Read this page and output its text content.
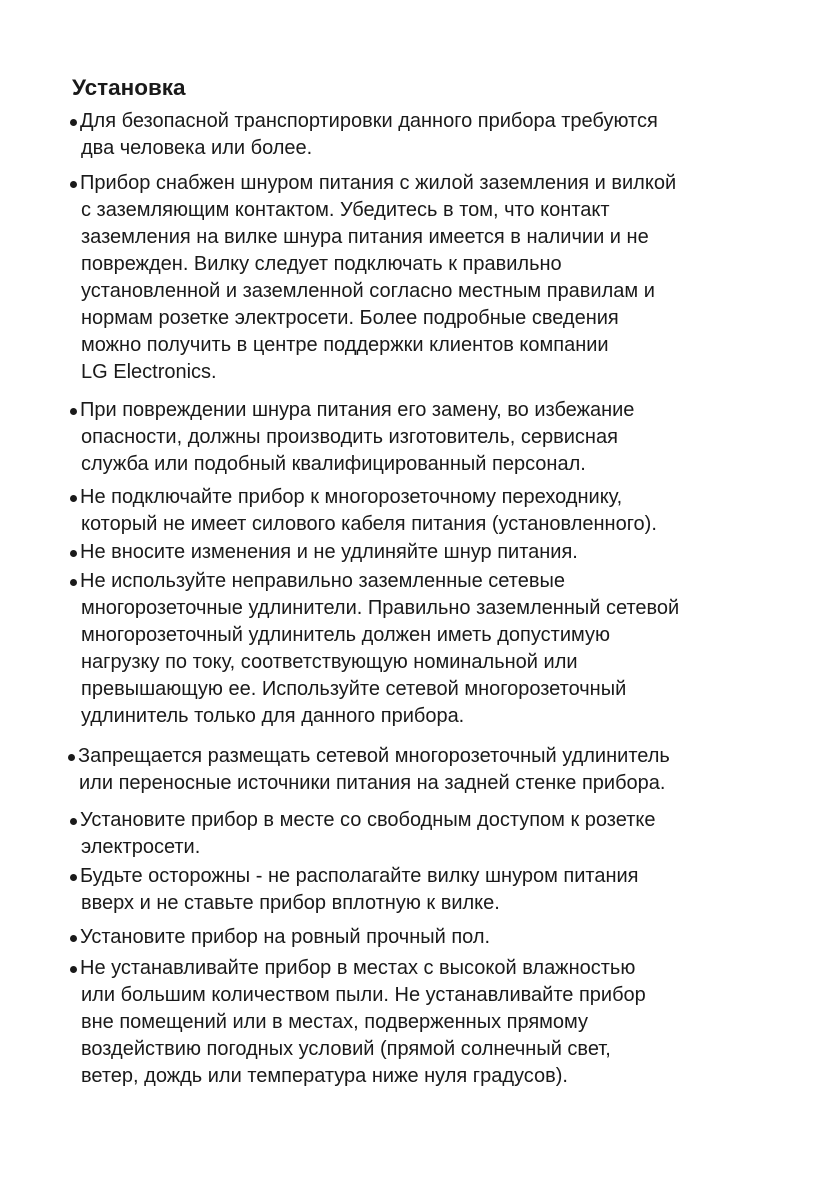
Установка
Для безопасной транспортировки данного прибора требуются
два человека или более.
Прибор снабжен шнуром питания с жилой заземления и вилкой
с заземляющим контактом. Убедитесь в том, что контакт
заземления на вилке шнура питания имеется в наличии и не
поврежден. Вилку следует подключать к правильно
установленной и заземленной согласно местным правилам и
нормам розетке электросети. Более подробные сведения
можно получить в центре поддержки клиентов компании
LG Electronics.
При повреждении шнура питания его замену, во избежание
опасности, должны производить изготовитель, сервисная
служба или подобный квалифицированный персонал.
Не подключайте прибор к многорозеточному переходнику,
который не имеет силового кабеля питания (установленного).
Не вносите изменения и не удлиняйте шнур питания.
Не используйте неправильно заземленные сетевые
многорозеточные удлинители. Правильно заземленный сетевой
многорозеточный удлинитель должен иметь допустимую
нагрузку по току, соответствующую номинальной или
превышающую ее. Используйте сетевой многорозеточный
удлинитель только для данного прибора.
Запрещается размещать сетевой многорозеточный удлинитель
или переносные источники питания на задней стенке прибора.
Установите прибор в месте со свободным доступом к розетке
электросети.
Будьте осторожны - не располагайте вилку шнуром питания
вверх и не ставьте прибор вплотную к вилке.
Установите прибор на ровный прочный пол.
Не устанавливайте прибор в местах с высокой влажностью
или большим количеством пыли. Не устанавливайте прибор
вне помещений или в местах, подверженных прямому
воздействию погодных условий (прямой солнечный свет,
ветер, дождь или температура ниже нуля градусов).
